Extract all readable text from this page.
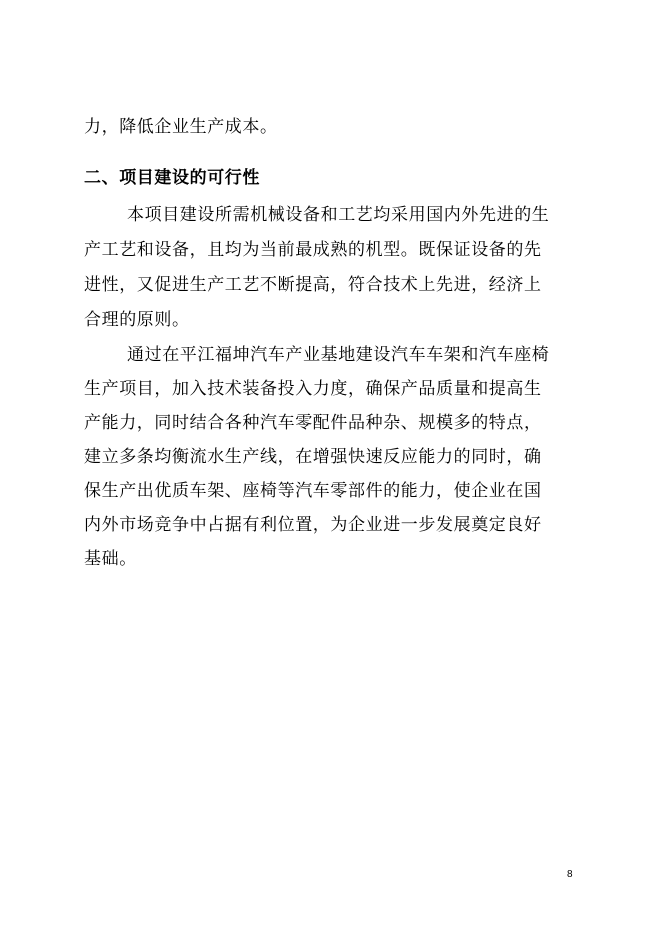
力，降低企业生产成本。
二、项目建设的可行性
本项目建设所需机械设备和工艺均采用国内外先进的生
产工艺和设备，且均为当前最成熟的机型。既保证设备的先
进性，又促进生产工艺不断提高，符合技术上先进，经济上
合理的原则。
通过在平江福坤汽车产业基地建设汽车车架和汽车座椅
生产项目，加入技术装备投入力度，确保产品质量和提高生
产能力，同时结合各种汽车零配件品种杂、规模多的特点，
建立多条均衡流水生产线，在增强快速反应能力的同时，确
保生产出优质车架、座椅等汽车零部件的能力，使企业在国
内外市场竞争中占据有利位置，为企业进一步发展奠定良好
基础。
8
